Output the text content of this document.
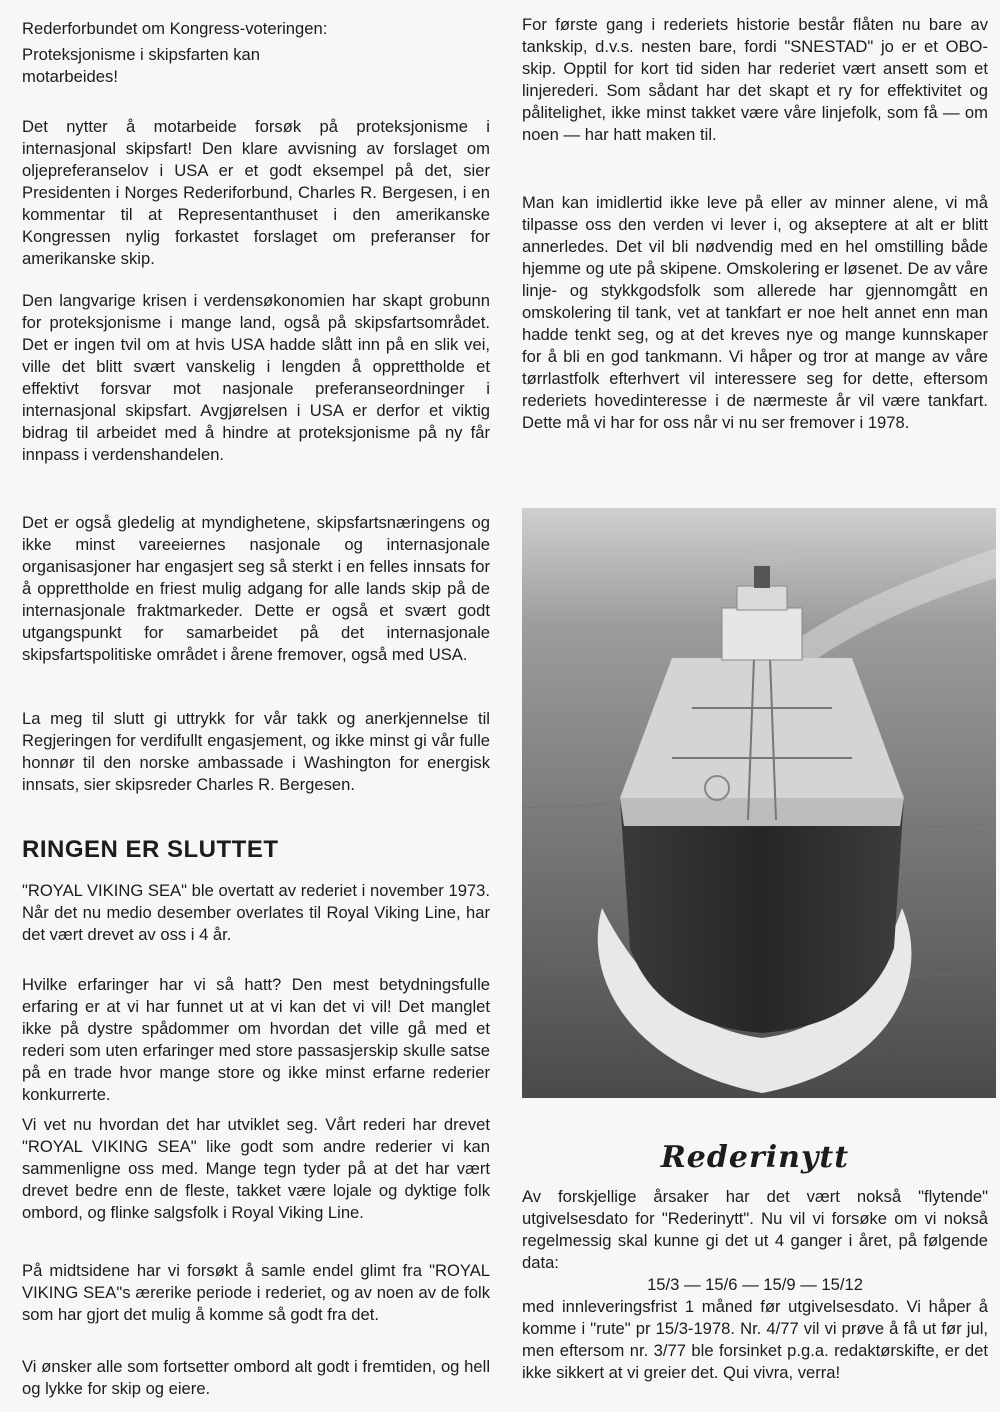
Rederforbundet om Kongress-voteringen:
Proteksjonisme i skipsfarten kan motarbeides!

Det nytter å motarbeide forsøk på proteksjonisme i internasjonal skipsfart! Den klare avvisning av forslaget om oljepreferanselov i USA er et godt eksempel på det, sier Presidenten i Norges Rederiforbund, Charles R. Bergesen, i en kommentar til at Representanthuset i den amerikanske Kongressen nylig forkastet forslaget om preferanser for amerikanske skip.

Den langvarige krisen i verdensøkonomien har skapt grobunn for proteksjonisme i mange land, også på skipsfartsområdet. Det er ingen tvil om at hvis USA hadde slått inn på en slik vei, ville det blitt svært vanskelig i lengden å opprettholde et effektivt forsvar mot nasjonale preferanseordninger i internasjonal skipsfart. Avgjørelsen i USA er derfor et viktig bidrag til arbeidet med å hindre at proteksjonisme på ny får innpass i verdenshandelen.

Det er også gledelig at myndighetene, skipsfartsnæringens og ikke minst vareeiernes nasjonale og internasjonale organisasjoner har engasjert seg så sterkt i en felles innsats for å opprettholde en friest mulig adgang for alle lands skip på de internasjonale fraktmarkeder. Dette er også et svært godt utgangspunkt for samarbeidet på det internasjonale skipsfartspolitiske området i årene fremover, også med USA.

La meg til slutt gi uttrykk for vår takk og anerkjennelse til Regjeringen for verdifullt engasjement, og ikke minst gi vår fulle honnør til den norske ambassade i Washington for energisk innsats, sier skipsreder Charles R. Bergesen.

RINGEN ER SLUTTET

"ROYAL VIKING SEA" ble overtatt av rederiet i november 1973. Når det nu medio desember overlates til Royal Viking Line, har det vært drevet av oss i 4 år.

Hvilke erfaringer har vi så hatt? Den mest betydningsfulle erfaring er at vi har funnet ut at vi kan det vi vil! Det manglet ikke på dystre spådommer om hvordan det ville gå med et rederi som uten erfaringer med store passasjerskip skulle satse på en trade hvor mange store og ikke minst erfarne rederier konkurrerte.

Vi vet nu hvordan det har utviklet seg. Vårt rederi har drevet "ROYAL VIKING SEA" like godt som andre rederier vi kan sammenligne oss med. Mange tegn tyder på at det har vært drevet bedre enn de fleste, takket være lojale og dyktige folk ombord, og flinke salgsfolk i Royal Viking Line.

På midtsidene har vi forsøkt å samle endel glimt fra "ROYAL VIKING SEA"s ærerike periode i rederiet, og av noen av de folk som har gjort det mulig å komme så godt fra det.

Vi ønsker alle som fortsetter ombord alt godt i fremtiden, og hell og lykke for skip og eiere.

For første gang i rederiets historie består flåten nu bare av tankskip, d.v.s. nesten bare, fordi "SNESTAD" jo er et OBO-skip. Opptil for kort tid siden har rederiet vært ansett som et linjerederi. Som sådant har det skapt et ry for effektivitet og pålitelighet, ikke minst takket være våre linjefolk, som få — om noen — har hatt maken til.

Man kan imidlertid ikke leve på eller av minner alene, vi må tilpasse oss den verden vi lever i, og akseptere at alt er blitt annerledes. Det vil bli nødvendig med en hel omstilling både hjemme og ute på skipene. Omskolering er løsenet. De av våre linje- og stykkgodsfolk som allerede har gjennomgått en omskolering til tank, vet at tankfart er noe helt annet enn man hadde tenkt seg, og at det kreves nye og mange kunnskaper for å bli en god tankmann. Vi håper og tror at mange av våre tørrlastfolk efterhvert vil interessere seg for dette, eftersom rederiets hovedinteresse i de nærmeste år vil være tankfart. Dette må vi har for oss når vi nu ser fremover i 1978.

Rederinytt

Av forskjellige årsaker har det vært nokså "flytende" utgivelsesdato for "Rederinytt". Nu vil vi forsøke om vi nokså regelmessig skal kunne gi det ut 4 ganger i året, på følgende data:

15/3 — 15/6 — 15/9 — 15/12

med innleveringsfrist 1 måned før utgivelsesdato. Vi håper å komme i "rute" pr 15/3-1978. Nr. 4/77 vil vi prøve å få ut før jul, men eftersom nr. 3/77 ble forsinket p.g.a. redaktørskifte, er det ikke sikkert at vi greier det. Qui vivra, verra!
